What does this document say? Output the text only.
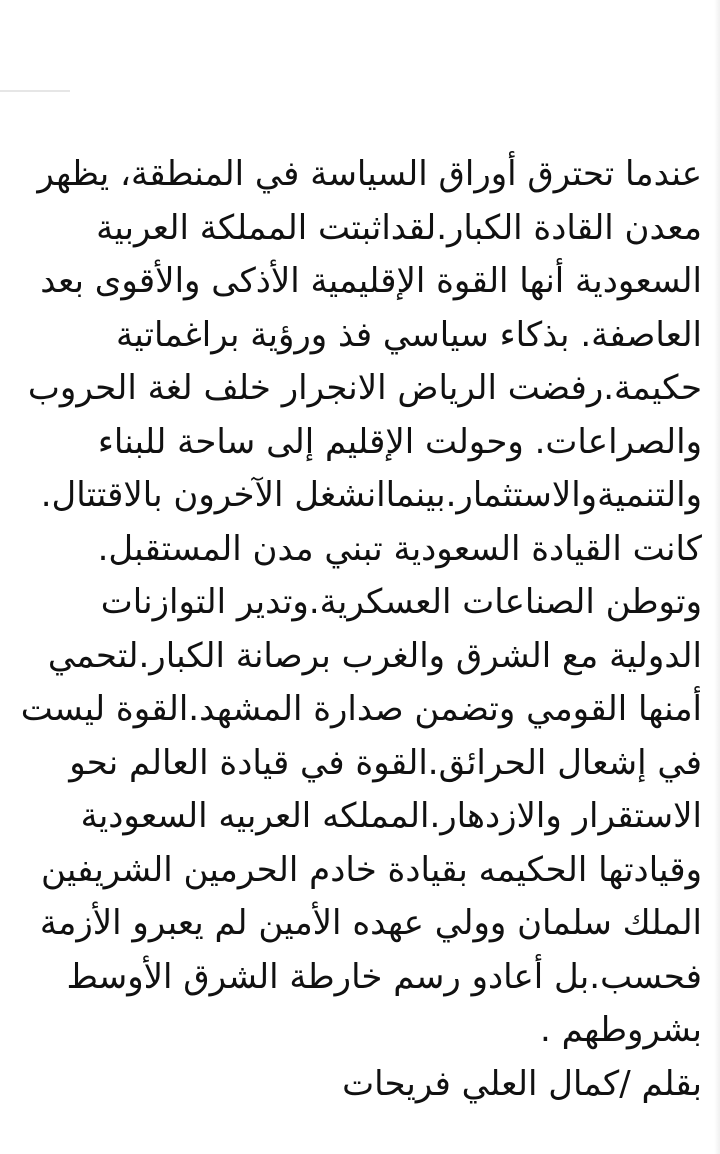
عندما تحترق أوراق السياسة في المنطقة، يظهر
معدن القادة الكبار.لقداثبتت المملكة العربية
السعودية أنها القوة الإقليمية الأذكى والأقوى بعد
العاصفة. بذكاء سياسي فذ ورؤية براغماتية
حكيمة.رفضت الرياض الانجرار خلف لغة الحروب
والصراعات. وحولت الإقليم إلى ساحة للبناء
والتنميةوالاستثمار.بينماانشغل الآخرون بالاقتتال.
كانت القيادة السعودية تبني مدن المستقبل.
وتوطن الصناعات العسكرية.وتدير التوازنات
الدولية مع الشرق والغرب برصانة الكبار.لتحمي
أمنها القومي وتضمن صدارة المشهد.القوة ليست
في إشعال الحرائق.القوة في قيادة العالم نحو
الاستقرار والازدهار.المملكه العربيه السعودية
وقيادتها الحكيمه بقيادة خادم الحرمين الشريفين
الملك سلمان وولي عهده الأمين لم يعبرو الأزمة
فحسب.بل أعادو رسم خارطة الشرق الأوسط
بشروطهم .
بقلم /كمال العلي فريحات
